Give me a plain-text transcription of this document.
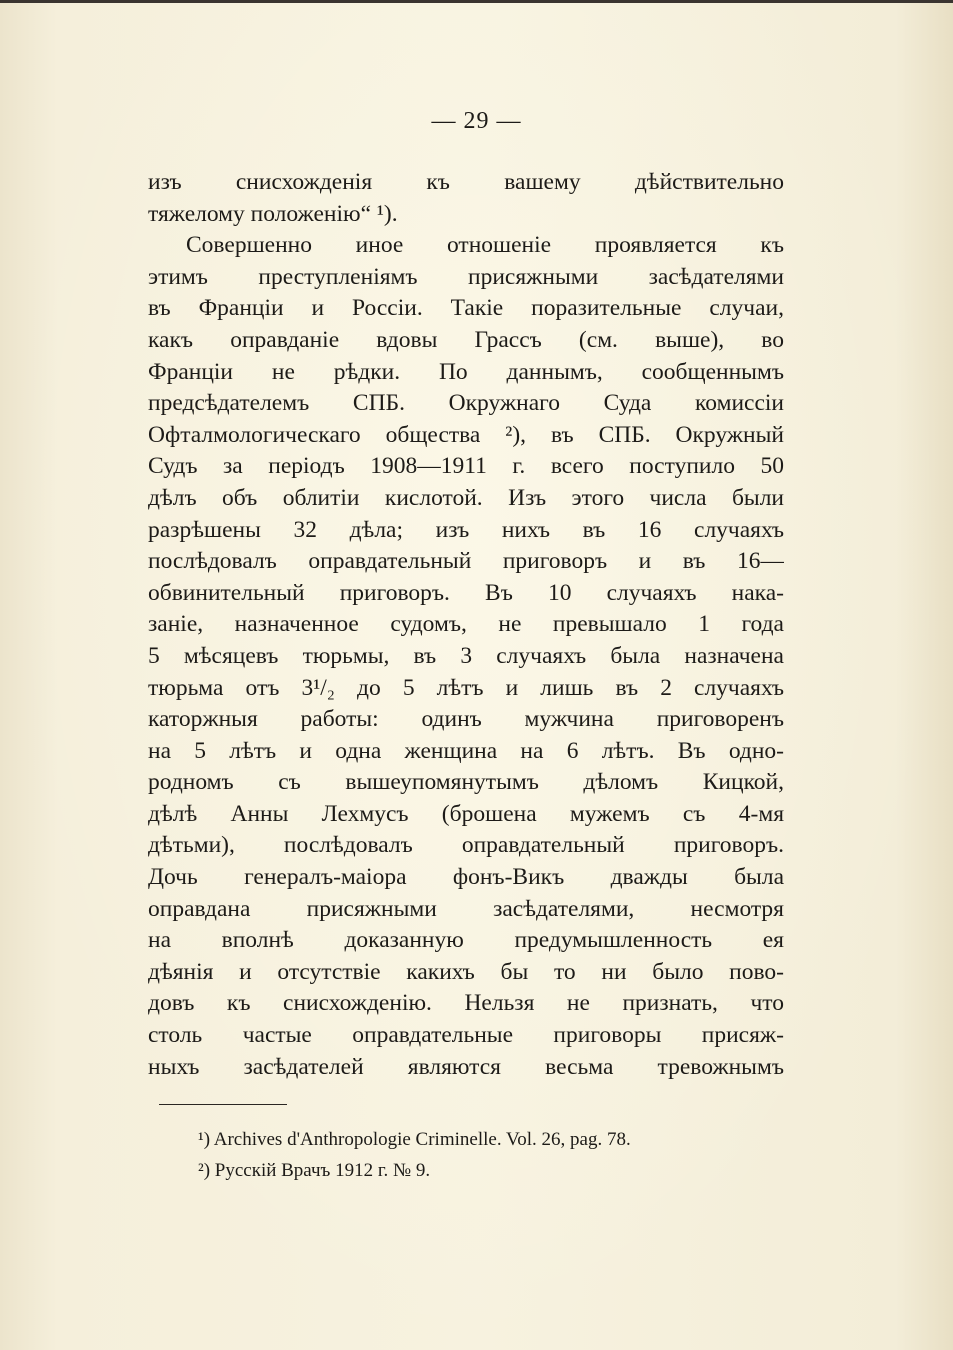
— 29 —
изъ снисхожденія къ вашему дѣйствительно
тяжелому положенію“ ¹).
Совершенно иное отношеніе проявляется къ
этимъ преступленіямъ присяжными засѣдателями
въ Франціи и Россіи. Такіе поразительные случаи,
какъ оправданіе вдовы Грассъ (см. выше), во
Франціи не рѣдки. По даннымъ, сообщеннымъ
предсѣдателемъ СПБ. Окружнаго Суда комиссіи
Офталмологическаго общества ²), въ СПБ. Окружный
Судъ за періодъ 1908—1911 г. всего поступило 50
дѣлъ объ облитіи кислотой. Изъ этого числа были
разрѣшены 32 дѣла; изъ нихъ въ 16 случаяхъ
послѣдовалъ оправдательный приговоръ и въ 16—
обвинительный приговоръ. Въ 10 случаяхъ нака-
заніе, назначенное судомъ, не превышало 1 года
5 мѣсяцевъ тюрьмы, въ 3 случаяхъ была назначена
тюрьма отъ 3¹/₂ до 5 лѣтъ и лишь въ 2 случаяхъ
каторжныя работы: одинъ мужчина приговоренъ
на 5 лѣтъ и одна женщина на 6 лѣтъ. Въ одно-
родномъ съ вышеупомянутымъ дѣломъ Кицкой,
дѣлѣ Анны Лехмусъ (брошена мужемъ съ 4-мя
дѣтьми), послѣдовалъ оправдательный приговоръ.
Дочь генералъ-маіора фонъ-Викъ дважды была
оправдана присяжными засѣдателями, несмотря
на вполнѣ доказанную предумышленность ея
дѣянія и отсутствіе какихъ бы то ни было пово-
довъ къ снисхожденію. Нельзя не признать, что
столь частые оправдательные приговоры присяж-
ныхъ засѣдателей являются весьма тревожнымъ
¹) Archives d'Anthropologie Criminelle. Vol. 26, pag. 78.
²) Русскій Врачъ 1912 г. № 9.
